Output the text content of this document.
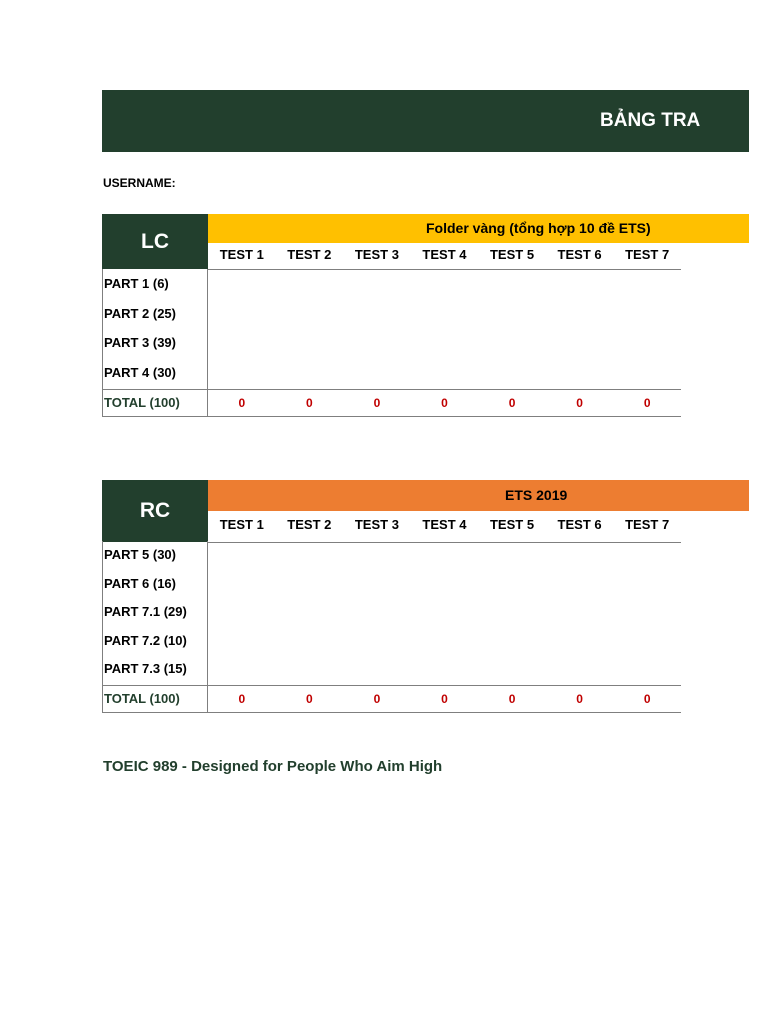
BẢNG TRA
USERNAME:
LC
Folder vàng (tổng hợp 10 đề ETS)
TEST 1	TEST 2	TEST 3	TEST 4	TEST 5	TEST 6	TEST 7
PART 1 (6)
PART 2 (25)
PART 3 (39)
PART 4 (30)
TOTAL (100)	0	0	0	0	0	0	0
RC
ETS 2019
TEST 1	TEST 2	TEST 3	TEST 4	TEST 5	TEST 6	TEST 7
PART 5 (30)
PART 6 (16)
PART 7.1 (29)
PART 7.2 (10)
PART 7.3 (15)
TOTAL (100)	0	0	0	0	0	0	0
TOEIC 989 - Designed for People Who Aim High
